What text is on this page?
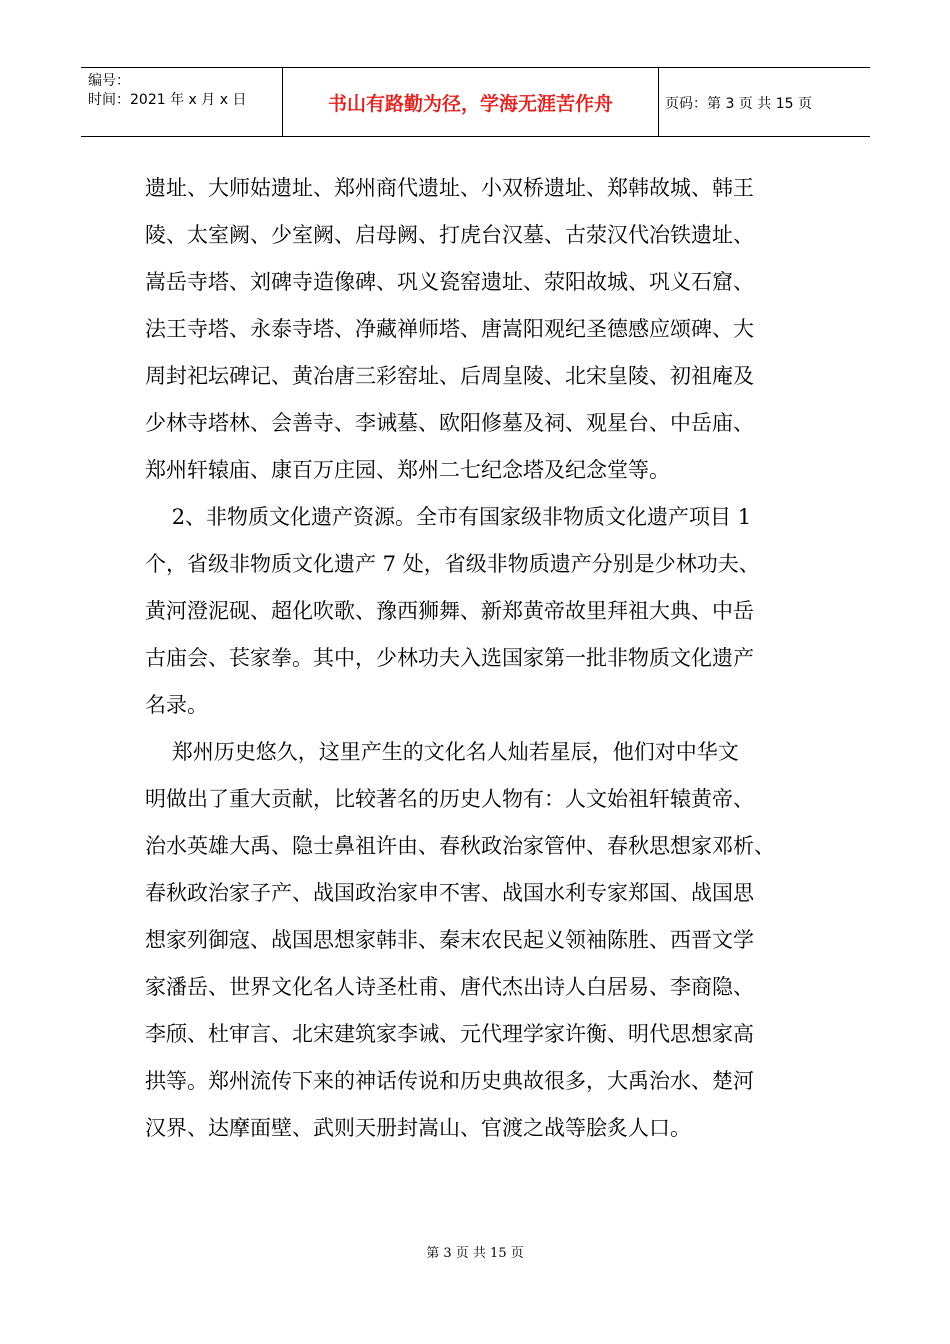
编号：
时间：2021 年 x 月 x 日	书山有路勤为径，学海无涯苦作舟	页码：第 3 页 共 15 页
遗址、大师姑遗址、郑州商代遗址、小双桥遗址、郑韩故城、韩王
陵、太室阙、少室阙、启母阙、打虎台汉墓、古荥汉代冶铁遗址、
嵩岳寺塔、刘碑寺造像碑、巩义瓷窑遗址、荥阳故城、巩义石窟、
法王寺塔、永泰寺塔、净藏禅师塔、唐嵩阳观纪圣德感应颂碑、大
周封祀坛碑记、黄冶唐三彩窑址、后周皇陵、北宋皇陵、初祖庵及
少林寺塔林、会善寺、李诫墓、欧阳修墓及祠、观星台、中岳庙、
郑州轩辕庙、康百万庄园、郑州二七纪念塔及纪念堂等。
2、非物质文化遗产资源。全市有国家级非物质文化遗产项目 1
个，省级非物质文化遗产 7 处，省级非物质遗产分别是少林功夫、
黄河澄泥砚、超化吹歌、豫西狮舞、新郑黄帝故里拜祖大典、中岳
古庙会、苌家拳。其中，少林功夫入选国家第一批非物质文化遗产
名录。
郑州历史悠久，这里产生的文化名人灿若星辰，他们对中华文
明做出了重大贡献，比较著名的历史人物有：人文始祖轩辕黄帝、
治水英雄大禹、隐士鼻祖许由、春秋政治家管仲、春秋思想家邓析、
春秋政治家子产、战国政治家申不害、战国水利专家郑国、战国思
想家列御寇、战国思想家韩非、秦末农民起义领袖陈胜、西晋文学
家潘岳、世界文化名人诗圣杜甫、唐代杰出诗人白居易、李商隐、
李颀、杜审言、北宋建筑家李诫、元代理学家许衡、明代思想家高
拱等。郑州流传下来的神话传说和历史典故很多，大禹治水、楚河
汉界、达摩面壁、武则天册封嵩山、官渡之战等脍炙人口。
第 3 页 共 15 页
